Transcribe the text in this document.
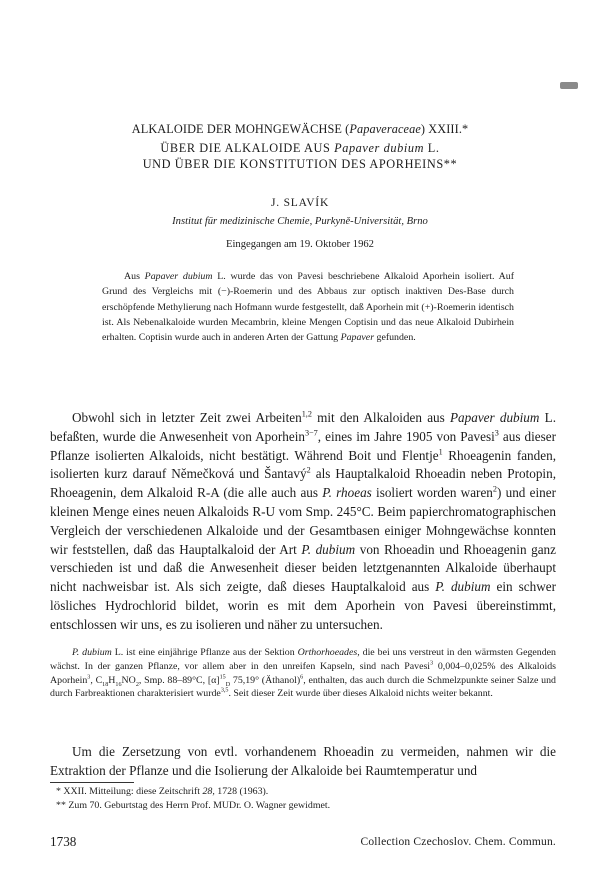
ALKALOIDE DER MOHNGEWÄCHSE (Papaveraceae) XXIII.*
ÜBER DIE ALKALOIDE AUS Papaver dubium L.
UND ÜBER DIE KONSTITUTION DES APORHEINS**
J. SLAVÍK
Institut für medizinische Chemie, Purkyně-Universität, Brno
Eingegangen am 19. Oktober 1962

Aus Papaver dubium L. wurde das von Pavesi beschriebene Alkaloid Aporhein isoliert. Auf Grund des Vergleichs mit (−)-Roemerin und des Abbaus zur optisch inaktiven Des-Base durch erschöpfende Methylierung nach Hofmann wurde festgestellt, daß Aporhein mit (+)-Roemerin identisch ist. Als Nebenalkaloide wurden Mecambrin, kleine Mengen Coptisin und das neue Alkaloid Dubirhein erhalten. Coptisin wurde auch in anderen Arten der Gattung Papaver gefunden.

Obwohl sich in letzter Zeit zwei Arbeiten$^{1,2}$ mit den Alkaloiden aus Papaver dubium L. befaßten, wurde die Anwesenheit von Aporhein$^{3-7}$, eines im Jahre 1905 von Pavesi$^3$ aus dieser Pflanze isolierten Alkaloids, nicht bestätigt. Während Boit und Flentje$^1$ Rhoeagenin fanden, isolierten kurz darauf Němečková und Šantavý$^2$ als Hauptalkaloid Rhoeadin neben Protopin, Rhoeagenin, dem Alkaloid R-A (die alle auch aus P. rhoeas isoliert worden waren$^2$) und einer kleinen Menge eines neuen Alkaloids R-U vom Smp. 245°C. Beim papierchromatographischen Vergleich der verschiedenen Alkaloide und der Gesamtbasen einiger Mohngewächse konnten wir feststellen, daß das Hauptalkaloid der Art P. dubium von Rhoeadin und Rhoeagenin ganz verschieden ist und daß die Anwesenheit dieser beiden letztgenannten Alkaloide überhaupt nicht nachweisbar ist. Als sich zeigte, daß dieses Hauptalkaloid aus P. dubium ein schwer lösliches Hydrochlorid bildet, worin es mit dem Aporhein von Pavesi übereinstimmt, entschlossen wir uns, es zu isolieren und näher zu untersuchen.

P. dubium L. ist eine einjährige Pflanze aus der Sektion Orthorhoeades, die bei uns verstreut in den wärmsten Gegenden wächst. In der ganzen Pflanze, vor allem aber in den unreifen Kapseln, sind nach Pavesi$^3$ 0,004–0,025% des Alkaloids Aporhein$^3$, $C_{18}H_{16}NO_2$, Smp. 88–89°C, $[\alpha]^{15}_D$ 75,19° (Äthanol)$^6$, enthalten, das auch durch die Schmelzpunkte seiner Salze und durch Farbreaktionen charakterisiert wurde$^{3,5}$. Seit dieser Zeit wurde über dieses Alkaloid nichts weiter bekannt.

Um die Zersetzung von evtl. vorhandenem Rhoeadin zu vermeiden, nahmen wir die Extraktion der Pflanze und die Isolierung der Alkaloide bei Raumtemperatur und

* XXII. Mitteilung: diese Zeitschrift 28, 1728 (1963).
** Zum 70. Geburtstag des Herrn Prof. MUDr. O. Wagner gewidmet.
1738	Collection Czechoslov. Chem. Commun.
